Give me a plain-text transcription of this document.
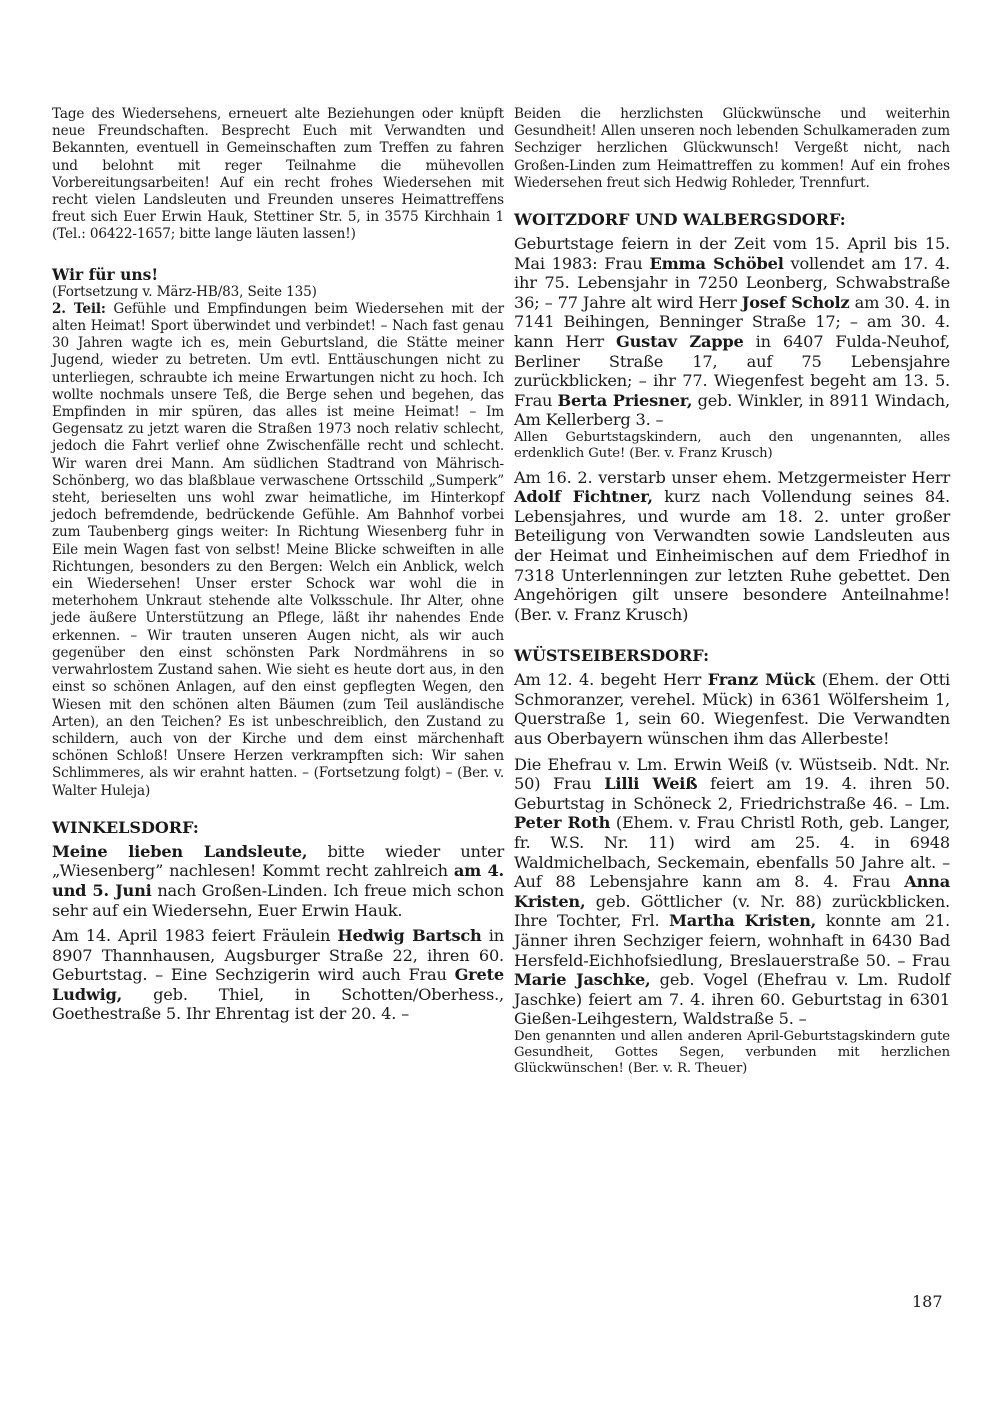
Tage des Wiedersehens, erneuert alte Beziehungen oder knüpft neue Freundschaften. Besprecht Euch mit Verwandten und Bekannten, eventuell in Gemeinschaften zum Treffen zu fahren und belohnt mit reger Teilnahme die mühevollen Vorbereitungsarbeiten! Auf ein recht frohes Wiedersehen mit recht vielen Landsleuten und Freunden unseres Heimattreffens freut sich Euer Erwin Hauk, Stettiner Str. 5, in 3575 Kirchhain 1 (Tel.: 06422-1657; bitte lange läuten lassen!)

Wir für uns!

(Fortsetzung v. März-HB/83, Seite 135)

2. Teil: Gefühle und Empfindungen beim Wiedersehen mit der alten Heimat! Sport überwindet und verbindet! – Nach fast genau 30 Jahren wagte ich es, mein Geburtsland, die Stätte meiner Jugend, wieder zu betreten. Um evtl. Enttäuschungen nicht zu unterliegen, schraubte ich meine Erwartungen nicht zu hoch. Ich wollte nochmals unsere Teß, die Berge sehen und begehen, das Empfinden in mir spüren, das alles ist meine Heimat! – Im Gegensatz zu jetzt waren die Straßen 1973 noch relativ schlecht, jedoch die Fahrt verlief ohne Zwischenfälle recht und schlecht. Wir waren drei Mann. Am südlichen Stadtrand von Mährisch-Schönberg, wo das blaßblaue verwaschene Ortsschild „Sumperk” steht, berieselten uns wohl zwar heimatliche, im Hinterkopf jedoch befremdende, bedrückende Gefühle. Am Bahnhof vorbei zum Taubenberg gings weiter: In Richtung Wiesenberg fuhr in Eile mein Wagen fast von selbst! Meine Blicke schweiften in alle Richtungen, besonders zu den Bergen: Welch ein Anblick, welch ein Wiedersehen! Unser erster Schock war wohl die in meterhohem Unkraut stehende alte Volksschule. Ihr Alter, ohne jede äußere Unterstützung an Pflege, läßt ihr nahendes Ende erkennen. – Wir trauten unseren Augen nicht, als wir auch gegenüber den einst schönsten Park Nordmährens in so verwahrlostem Zustand sahen. Wie sieht es heute dort aus, in den einst so schönen Anlagen, auf den einst gepflegten Wegen, den Wiesen mit den schönen alten Bäumen (zum Teil ausländische Arten), an den Teichen? Es ist unbeschreiblich, den Zustand zu schildern, auch von der Kirche und dem einst märchenhaft schönen Schloß! Unsere Herzen verkrampften sich: Wir sahen Schlimmeres, als wir erahnt hatten. – (Fortsetzung folgt) – (Ber. v. Walter Huleja)

WINKELSDORF:

Meine lieben Landsleute, bitte wieder unter „Wiesenberg” nachlesen! Kommt recht zahlreich am 4. und 5. Juni nach Großen-Linden. Ich freue mich schon sehr auf ein Wiedersehn, Euer Erwin Hauk.

Am 14. April 1983 feiert Fräulein Hedwig Bartsch in 8907 Thannhausen, Augsburger Straße 22, ihren 60. Geburtstag. – Eine Sechzigerin wird auch Frau Grete Ludwig, geb. Thiel, in Schotten/Oberhess., Goethestraße 5. Ihr Ehrentag ist der 20. 4. –

Beiden die herzlichsten Glückwünsche und weiterhin Gesundheit! Allen unseren noch lebenden Schulkameraden zum Sechziger herzlichen Glückwunsch! Vergeßt nicht, nach Großen-Linden zum Heimattreffen zu kommen! Auf ein frohes Wiedersehen freut sich Hedwig Rohleder, Trennfurt.

WOITZDORF UND WALBERGSDORF:

Geburtstage feiern in der Zeit vom 15. April bis 15. Mai 1983: Frau Emma Schöbel vollendet am 17. 4. ihr 75. Lebensjahr in 7250 Leonberg, Schwabstraße 36; – 77 Jahre alt wird Herr Josef Scholz am 30. 4. in 7141 Beihingen, Benninger Straße 17; – am 30. 4. kann Herr Gustav Zappe in 6407 Fulda-Neuhof, Berliner Straße 17, auf 75 Lebensjahre zurückblicken; – ihr 77. Wiegenfest begeht am 13. 5. Frau Berta Priesner, geb. Winkler, in 8911 Windach, Am Kellerberg 3. –

Allen Geburtstagskindern, auch den ungenannten, alles erdenklich Gute! (Ber. v. Franz Krusch)

Am 16. 2. verstarb unser ehem. Metzgermeister Herr Adolf Fichtner, kurz nach Vollendung seines 84. Lebensjahres, und wurde am 18. 2. unter großer Beteiligung von Verwandten sowie Landsleuten aus der Heimat und Einheimischen auf dem Friedhof in 7318 Unterlenningen zur letzten Ruhe gebettet. Den Angehörigen gilt unsere besondere Anteilnahme! (Ber. v. Franz Krusch)

WÜSTSEIBERSDORF:

Am 12. 4. begeht Herr Franz Mück (Ehem. der Otti Schmoranzer, verehel. Mück) in 6361 Wölfersheim 1, Querstraße 1, sein 60. Wiegenfest. Die Verwandten aus Oberbayern wünschen ihm das Allerbeste!

Die Ehefrau v. Lm. Erwin Weiß (v. Wüstseib. Ndt. Nr. 50) Frau Lilli Weiß feiert am 19. 4. ihren 50. Geburtstag in Schöneck 2, Friedrichstraße 46. – Lm. Peter Roth (Ehem. v. Frau Christl Roth, geb. Langer, fr. W.S. Nr. 11) wird am 25. 4. in 6948 Waldmichelbach, Seckemain, ebenfalls 50 Jahre alt. – Auf 88 Lebensjahre kann am 8. 4. Frau Anna Kristen, geb. Göttlicher (v. Nr. 88) zurückblicken. Ihre Tochter, Frl. Martha Kristen, konnte am 21. Jänner ihren Sechziger feiern, wohnhaft in 6430 Bad Hersfeld-Eichhofsiedlung, Breslauerstraße 50. – Frau Marie Jaschke, geb. Vogel (Ehefrau v. Lm. Rudolf Jaschke) feiert am 7. 4. ihren 60. Geburtstag in 6301 Gießen-Leihgestern, Waldstraße 5. –

Den genannten und allen anderen April-Geburtstagskindern gute Gesundheit, Gottes Segen, verbunden mit herzlichen Glückwünschen! (Ber. v. R. Theuer)

187
